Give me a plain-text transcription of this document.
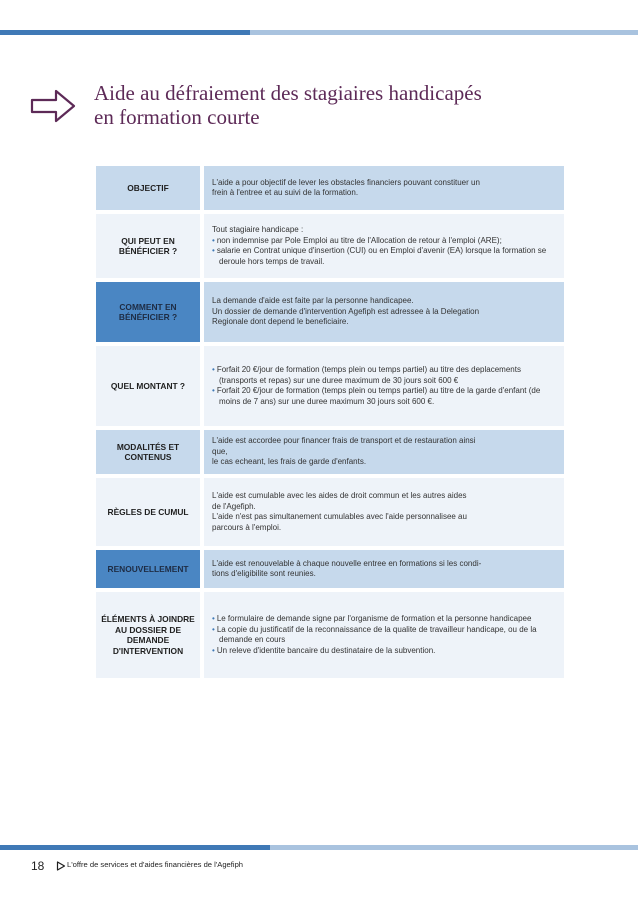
Aide au défraiement des stagiaires handicapés
en formation courte
OBJECTIF	L'aide a pour objectif de lever les obstacles financiers pouvant constituer un
frein à l'entree et au suivi de la formation.

QUI PEUT EN BÉNÉFICIER ?	Tout stagiaire handicape :
• non indemnise par Pole Emploi au titre de l'Allocation de retour à l'emploi (ARE);
• salarie en Contrat unique d'insertion (CUI) ou en Emploi d'avenir (EA) lorsque la formation se deroule hors temps de travail.

COMMENT EN BÉNÉFICIER ?	La demande d'aide est faite par la personne handicapee.
Un dossier de demande d'intervention Agefiph est adressee à la Delegation
Regionale dont depend le beneficiaire.

QUEL MONTANT ?	• Forfait 20 €/jour de formation (temps plein ou temps partiel) au titre des deplacements (transports et repas) sur une duree maximum de 30 jours soit 600 €
• Forfait 20 €/jour de formation (temps plein ou temps partiel) au titre de la garde d'enfant (de moins de 7 ans) sur une duree maximum 30 jours soit 600 €.

MODALITÉS ET CONTENUS	L'aide est accordee pour financer frais de transport et de restauration ainsi
que,
le cas echeant, les frais de garde d'enfants.

RÈGLES DE CUMUL	L'aide est cumulable avec les aides de droit commun et les autres aides
de l'Agefiph.
L'aide n'est pas simultanement cumulables avec l'aide personnalisee au
parcours à l'emploi.

RENOUVELLEMENT	L'aide est renouvelable à chaque nouvelle entree en formations si les condi-
tions d'eligibilite sont reunies.

ÉLÉMENTS À JOINDRE AU DOSSIER DE DEMANDE D'INTERVENTION	• Le formulaire de demande signe par l'organisme de formation et la personne handicapee
• La copie du justificatif de la reconnaissance de la qualite de travailleur handicape, ou de la demande en cours
• Un releve d'identite bancaire du destinataire de la subvention.
18	L'offre de services et d'aides financières de l'Agefiph
